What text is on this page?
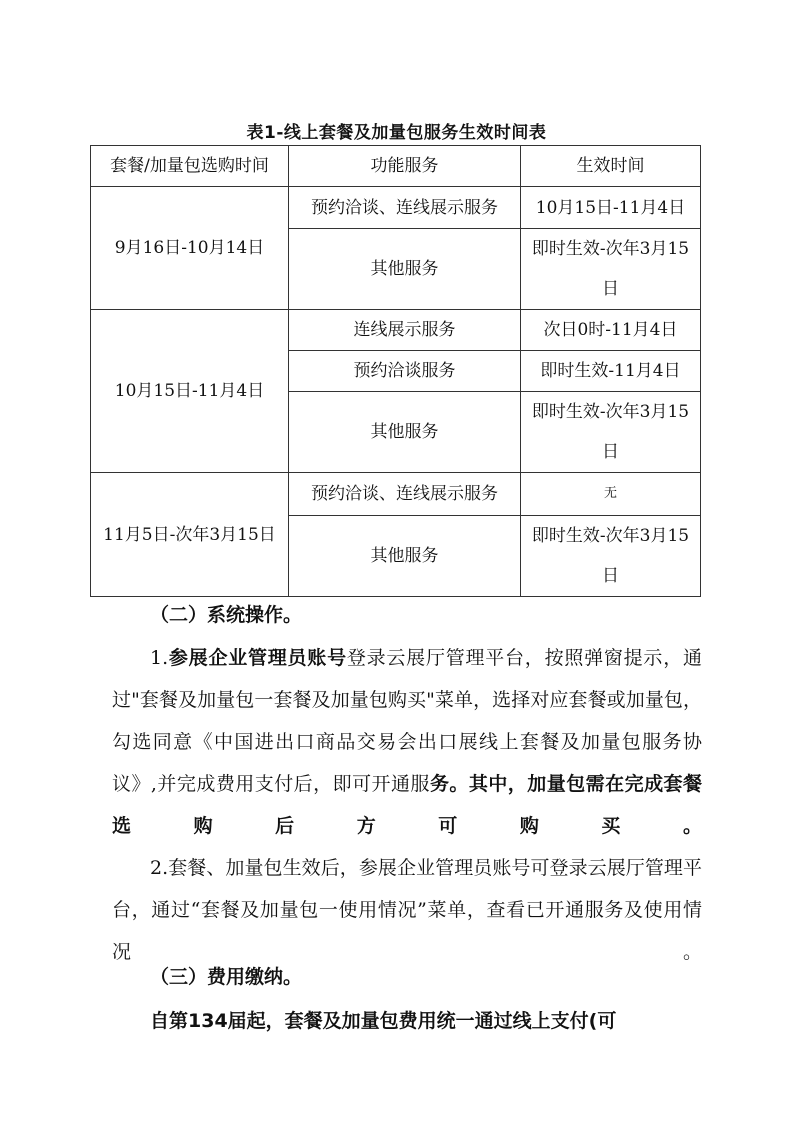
表1-线上套餐及加量包服务生效时间表
套餐/加量包选购时间	功能服务	生效时间
9月16日-10月14日	预约洽谈、连线展示服务	10月15日-11月4日
	其他服务	即时生效-次年3月15日
10月15日-11月4日	连线展示服务	次日0时-11月4日
	预约洽谈服务	即时生效-11月4日
	其他服务	即时生效-次年3月15日
11月5日-次年3月15日	预约洽谈、连线展示服务	无
	其他服务	即时生效-次年3月15日
（二）系统操作。
1.参展企业管理员账号登录云展厅管理平台，按照弹窗提示，通过"套餐及加量包一套餐及加量包购买"菜单，选择对应套餐或加量包，勾选同意《中国进出口商品交易会出口展线上套餐及加量包服务协议》,并完成费用支付后，即可开通服务。其中，加量包需在完成套餐选购后方可购买。
2.套餐、加量包生效后，参展企业管理员账号可登录云展厅管理平台，通过“套餐及加量包一使用情况”菜单，查看已开通服务及使用情况。
（三）费用缴纳。
自第134届起，套餐及加量包费用统一通过线上支付(可
